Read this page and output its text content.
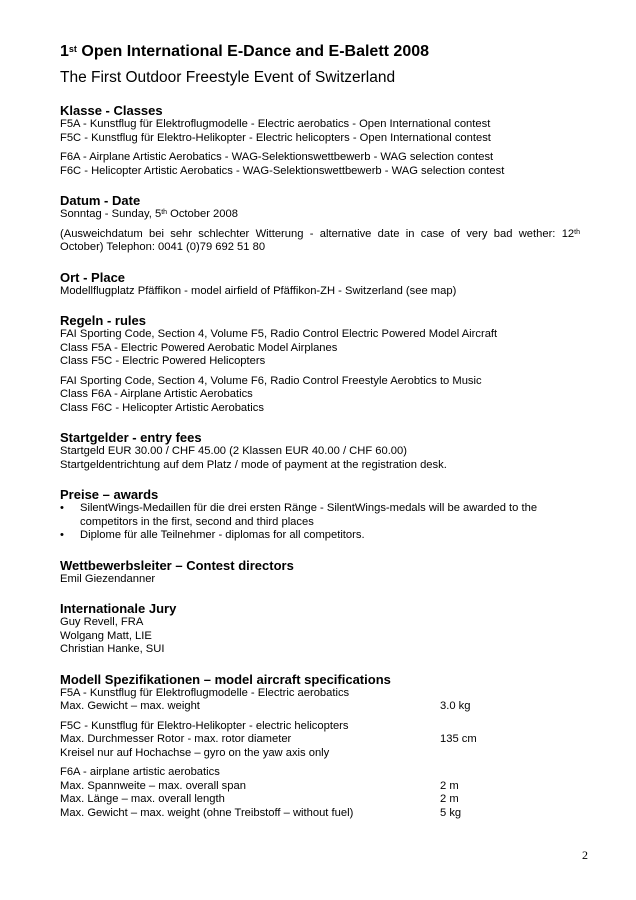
1st Open International E-Dance and E-Balett 2008

The First Outdoor Freestyle Event of Switzerland

Klasse - Classes

F5A - Kunstflug für Elektroflugmodelle - Electric aerobatics - Open International contest

F5C - Kunstflug für Elektro-Helikopter - Electric helicopters - Open International contest

F6A - Airplane Artistic Aerobatics - WAG-Selektionswettbewerb - WAG selection contest

F6C - Helicopter Artistic Aerobatics - WAG-Selektionswettbewerb - WAG selection contest

Datum - Date

Sonntag - Sunday, 5th October 2008

(Ausweichdatum bei sehr schlechter Witterung - alternative date in case of very bad wether: 12th October) Telephon: 0041 (0)79 692 51 80

Ort - Place

Modellflugplatz Pfäffikon - model airfield of Pfäffikon-ZH - Switzerland (see map)

Regeln - rules

FAI Sporting Code, Section 4, Volume F5, Radio Control Electric Powered Model Aircraft

Class F5A - Electric Powered Aerobatic Model Airplanes

Class F5C - Electric Powered Helicopters

FAI Sporting Code, Section 4, Volume F6, Radio Control Freestyle Aerobtics to Music

Class F6A - Airplane Artistic Aerobatics

Class F6C - Helicopter Artistic Aerobatics

Startgelder - entry fees

Startgeld EUR 30.00 / CHF 45.00 (2 Klassen EUR 40.00 / CHF 60.00)

Startgeldentrichtung auf dem Platz / mode of payment at the registration desk.

Preise – awards
•	SilentWings-Medaillen für die drei ersten Ränge - SilentWings-medals will be awarded to the competitors in the first, second and third places
•	Diplome für alle Teilnehmer - diplomas for all competitors.
Wettbewerbsleiter – Contest directors

Emil Giezendanner

Internationale Jury

Guy Revell, FRA

Wolgang Matt, LIE

Christian Hanke, SUI

Modell Spezifikationen – model aircraft specifications

F5A - Kunstflug für Elektroflugmodelle - Electric aerobatics

Max. Gewicht – max. weight	3.0 kg

F5C - Kunstflug für Elektro-Helikopter - electric helicopters

Max. Durchmesser Rotor - max. rotor diameter	135 cm

Kreisel nur auf Hochachse – gyro on the yaw axis only

F6A - airplane artistic aerobatics

Max. Spannweite – max. overall span	2 m
Max. Länge – max. overall length	2 m
Max. Gewicht – max. weight (ohne Treibstoff – without fuel)	5 kg
2
